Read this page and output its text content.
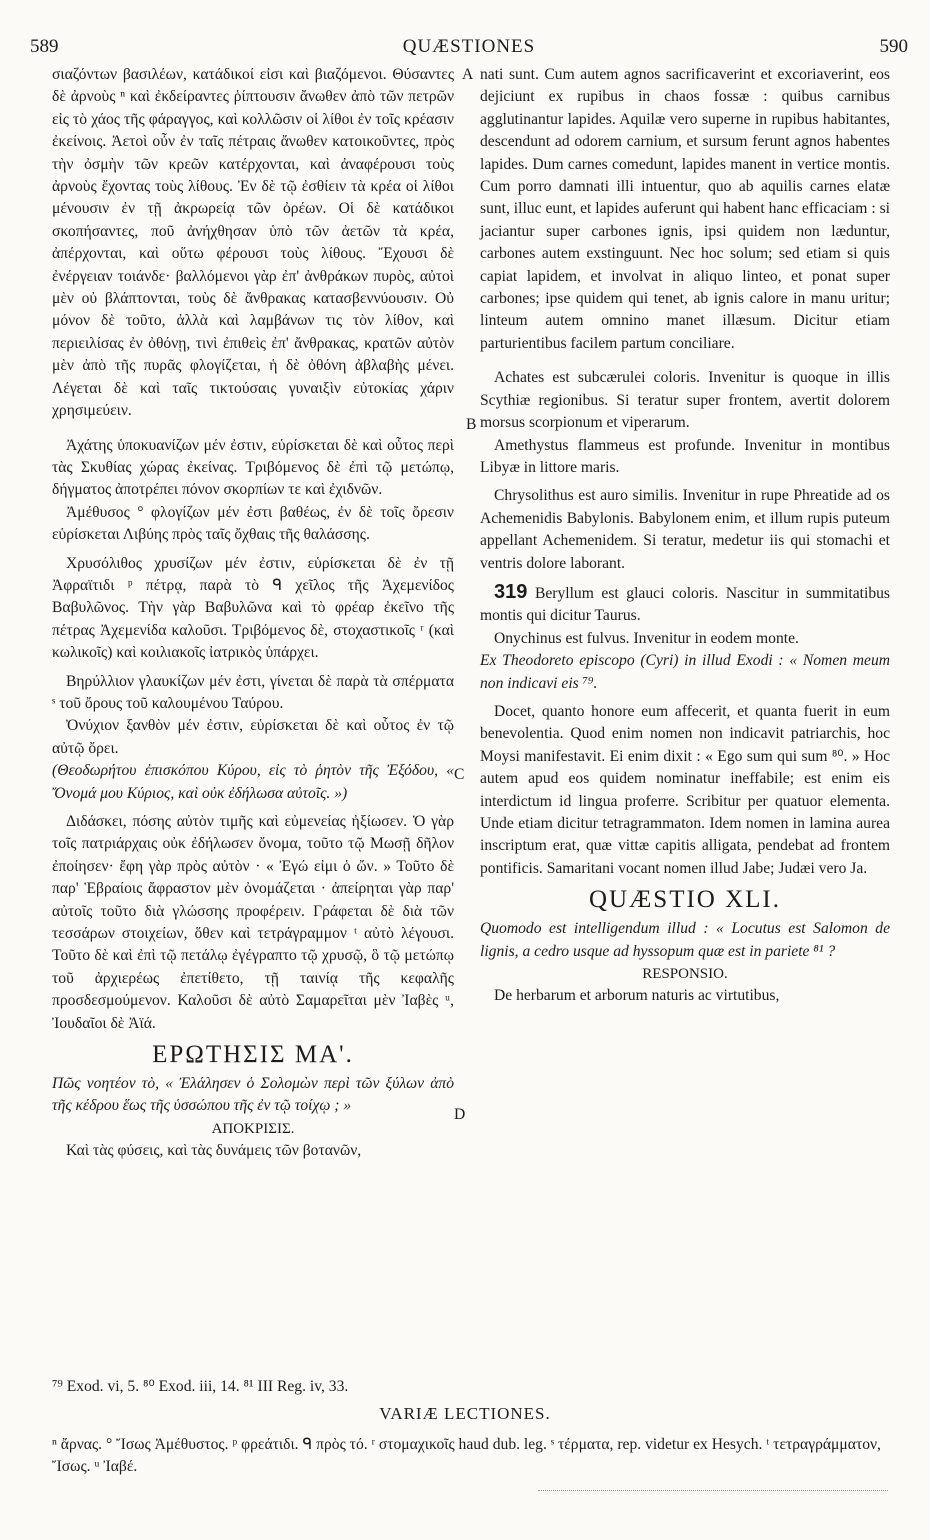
589	QUÆSTIONES	590

σιαζόντων βασιλέων, κατάδικοί εἰσι καὶ βιαζόμενοι. Θύσαντες δὲ ἀρνοὺς ⁿ καὶ ἐκδείραντες ῥίπτουσιν ἄνωθεν ἀπὸ τῶν πετρῶν εἰς τὸ χάος τῆς φάραγγος, καὶ κολλῶσιν οἱ λίθοι ἐν τοῖς κρέασιν ἐκείνοις. Ἀετοὶ οὖν ἐν ταῖς πέτραις ἄνωθεν κατοικοῦντες, πρὸς τὴν ὀσμὴν τῶν κρεῶν κατέρχονται, καὶ ἀναφέρουσι τοὺς ἀρνοὺς ἔχοντας τοὺς λίθους. Ἐν δὲ τῷ ἐσθίειν τὰ κρέα οἱ λίθοι μένουσιν ἐν τῇ ἀκρωρείᾳ τῶν ὀρέων. Οἱ δὲ κατάδικοι σκοπήσαντες, ποῦ ἀνήχθησαν ὑπὸ τῶν ἀετῶν τὰ κρέα, ἀπέρχονται, καὶ οὕτω φέρουσι τοὺς λίθους. Ἔχουσι δὲ ἐνέργειαν τοιάνδε· βαλλόμενοι γὰρ ἐπ' ἀνθράκων πυρὸς, αὐτοὶ μὲν οὐ βλάπτονται, τοὺς δὲ ἄνθρακας κατασβεννύουσιν. Οὐ μόνον δὲ τοῦτο, ἀλλὰ καὶ λαμβάνων τις τὸν λίθον, καὶ περιειλίσας ἐν ὀθόνῃ, τινὶ ἐπιθεὶς ἐπ' ἄνθρακας, κρατῶν αὐτὸν μὲν ἀπὸ τῆς πυρᾶς φλογίζεται, ἡ δὲ ὀθόνη ἀβλαβὴς μένει. Λέγεται δὲ καὶ ταῖς τικτούσαις γυναιξὶν εὐτοκίας χάριν χρησιμεύειν.

Ἀχάτης ὑποκυανίζων μέν ἐστιν, εὑρίσκεται δὲ καὶ οὗτος περὶ τὰς Σκυθίας χώρας ἐκείνας. Τριβόμενος δὲ ἐπὶ τῷ μετώπῳ, δήγματος ἀποτρέπει πόνον σκορπίων τε καὶ ἐχιδνῶν.

Ἀμέθυσος ° φλογίζων μέν ἐστι βαθέως, ἐν δὲ τοῖς ὄρεσιν εὑρίσκεται Λιβύης πρὸς ταῖς ὄχθαις τῆς θαλάσσης.

Χρυσόλιθος χρυσίζων μέν ἐστιν, εὑρίσκεται δὲ ἐν τῇ Ἀφραϊτιδι ᵖ πέτρᾳ, παρὰ τὸ ᑫ χεῖλος τῆς Ἀχεμενίδος Βαβυλῶνος. Τὴν γὰρ Βαβυλῶνα καὶ τὸ φρέαρ ἐκεῖνο τῆς πέτρας Ἀχεμενίδα καλοῦσι. Τριβόμενος δὲ, στοχαστικοῖς ʳ (καὶ κωλικοῖς) καὶ κοιλιακοῖς ἰατρικὸς ὑπάρχει.

Βηρύλλιον γλαυκίζων μέν ἐστι, γίνεται δὲ παρὰ τὰ σπέρματα ˢ τοῦ ὄρους τοῦ καλουμένου Ταύρου.

Ὀνύχιον ξανθὸν μέν ἐστιν, εὑρίσκεται δὲ καὶ οὗτος ἐν τῷ αὐτῷ ὄρει.

(Θεοδωρήτου ἐπισκόπου Κύρου, εἰς τὸ ῥητὸν τῆς Ἐξόδου, « Ὄνομά μου Κύριος, καὶ οὐκ ἐδήλωσα αὐτοῖς. »)

Διδάσκει, πόσης αὐτὸν τιμῆς καὶ εὐμενείας ἠξίωσεν. Ὁ γὰρ τοῖς πατριάρχαις οὐκ ἐδήλωσεν ὄνομα, τοῦτο τῷ Μωσῇ δῆλον ἐποίησεν· ἔφη γὰρ πρὸς αὐτὸν · « Ἐγώ εἰμι ὁ ὤν. » Τοῦτο δὲ παρ' Ἑβραίοις ἄφραστον μὲν ὀνομάζεται · ἀπείρηται γὰρ παρ' αὐτοῖς τοῦτο διὰ γλώσσης προφέρειν. Γράφεται δὲ διὰ τῶν τεσσάρων στοιχείων, ὅθεν καὶ τετράγραμμον ᵗ αὐτὸ λέγουσι. Τοῦτο δὲ καὶ ἐπὶ τῷ πετάλῳ ἐγέγραπτο τῷ χρυσῷ, ὃ τῷ μετώπῳ τοῦ ἀρχιερέως ἐπετίθετο, τῇ ταινίᾳ τῆς κεφαλῆς προσδεσμούμενον. Καλοῦσι δὲ αὐτὸ Σαμαρεῖται μὲν Ἰαβὲς ᵘ, Ἰουδαῖοι δὲ Ἀϊά.

ΕΡΩΤΗΣΙΣ ΜΑ'.

Πῶς νοητέον τὸ, « Ἐλάλησεν ὁ Σολομὼν περὶ τῶν ξύλων ἀπὸ τῆς κέδρου ἕως τῆς ὑσσώπου τῆς ἐν τῷ τοίχῳ ; »

ΑΠΟΚΡΙΣΙΣ.

Καὶ τὰς φύσεις, καὶ τὰς δυνάμεις τῶν βοτανῶν,

nati sunt. Cum autem agnos sacrificaverint et excoriaverint, eos dejiciunt ex rupibus in chaos fossæ : quibus carnibus agglutinantur lapides. Aquilæ vero superne in rupibus habitantes, descendunt ad odorem carnium, et sursum ferunt agnos habentes lapides. Dum carnes comedunt, lapides manent in vertice montis. Cum porro damnati illi intuentur, quo ab aquilis carnes elatæ sunt, illuc eunt, et lapides auferunt qui habent hanc efficaciam : si jaciantur super carbones ignis, ipsi quidem non læduntur, carbones autem exstinguunt. Nec hoc solum; sed etiam si quis capiat lapidem, et involvat in aliquo linteo, et ponat super carbones; ipse quidem qui tenet, ab ignis calore in manu uritur; linteum autem omnino manet illæsum. Dicitur etiam parturientibus facilem partum conciliare.

Achates est subcærulei coloris. Invenitur is quoque in illis Scythiæ regionibus. Si teratur super frontem, avertit dolorem morsus scorpionum et viperarum.

Amethystus flammeus est profunde. Invenitur in montibus Libyæ in littore maris.

Chrysolithus est auro similis. Invenitur in rupe Phreatide ad os Achemenidis Babylonis. Babylonem enim, et illum rupis puteum appellant Achemenidem. Si teratur, medetur iis qui stomachi et ventris dolore laborant.

319 Beryllum est glauci coloris. Nascitur in summitatibus montis qui dicitur Taurus.

Onychinus est fulvus. Invenitur in eodem monte.

Ex Theodoreto episcopo (Cyri) in illud Exodi : « Nomen meum non indicavi eis ⁷⁹.

Docet, quanto honore eum affecerit, et quanta fuerit in eum benevolentia. Quod enim nomen non indicavit patriarchis, hoc Moysi manifestavit. Ei enim dixit : « Ego sum qui sum ⁸⁰. » Hoc autem apud eos quidem nominatur ineffabile; est enim eis interdictum id lingua proferre. Scribitur per quatuor elementa. Unde etiam dicitur tetragrammaton. Idem nomen in lamina aurea inscriptum erat, quæ vittæ capitis alligata, pendebat ad frontem pontificis. Samaritani vocant nomen illud Jabe; Judæi vero Ja.

QUÆSTIO XLI.

Quomodo est intelligendum illud : « Locutus est Salomon de lignis, a cedro usque ad hyssopum quæ est in pariete ⁸¹ ?

RESPONSIO.

De herbarum et arborum naturis ac virtutibus,

A
B
C
D
⁷⁹ Exod. vi, 5. ⁸⁰ Exod. iii, 14. ⁸¹ III Reg. iv, 33.
VARIÆ LECTIONES.
ⁿ ἄρνας. ° Ἴσως Ἀμέθυστος. ᵖ φρεάτιδι. ᑫ πρὸς τό. ʳ στομαχικοῖς haud dub. leg. ˢ τέρματα, rep. videtur ex Hesych. ᵗ τετραγράμματον, Ἴσως. ᵘ Ἰαβέ.
